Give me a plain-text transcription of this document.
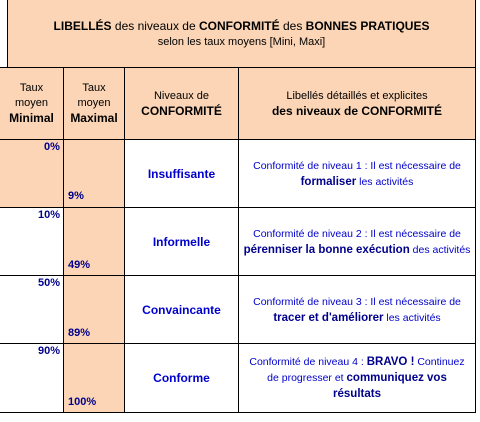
LIBELLÉS des niveaux de CONFORMITÉ des BONNES PRATIQUES
selon les taux moyens [Mini, Maxi]
Taux
moyen
Minimal
Taux
moyen
Maximal
Niveaux de
CONFORMITÉ
Libellés détaillés et explicites
des niveaux de CONFORMITÉ
0%
9%
Insuffisante
Conformité de niveau 1 : Il est nécessaire de formaliser les activités
10%
49%
Informelle
Conformité de niveau 2 : Il est nécessaire de pérenniser la bonne exécution des activités
50%
89%
Convaincante
Conformité de niveau 3 : Il est nécessaire de tracer et d'améliorer les activités
90%
100%
Conforme
Conformité de niveau 4 : BRAVO ! Continuez de progresser et communiquez vos résultats
